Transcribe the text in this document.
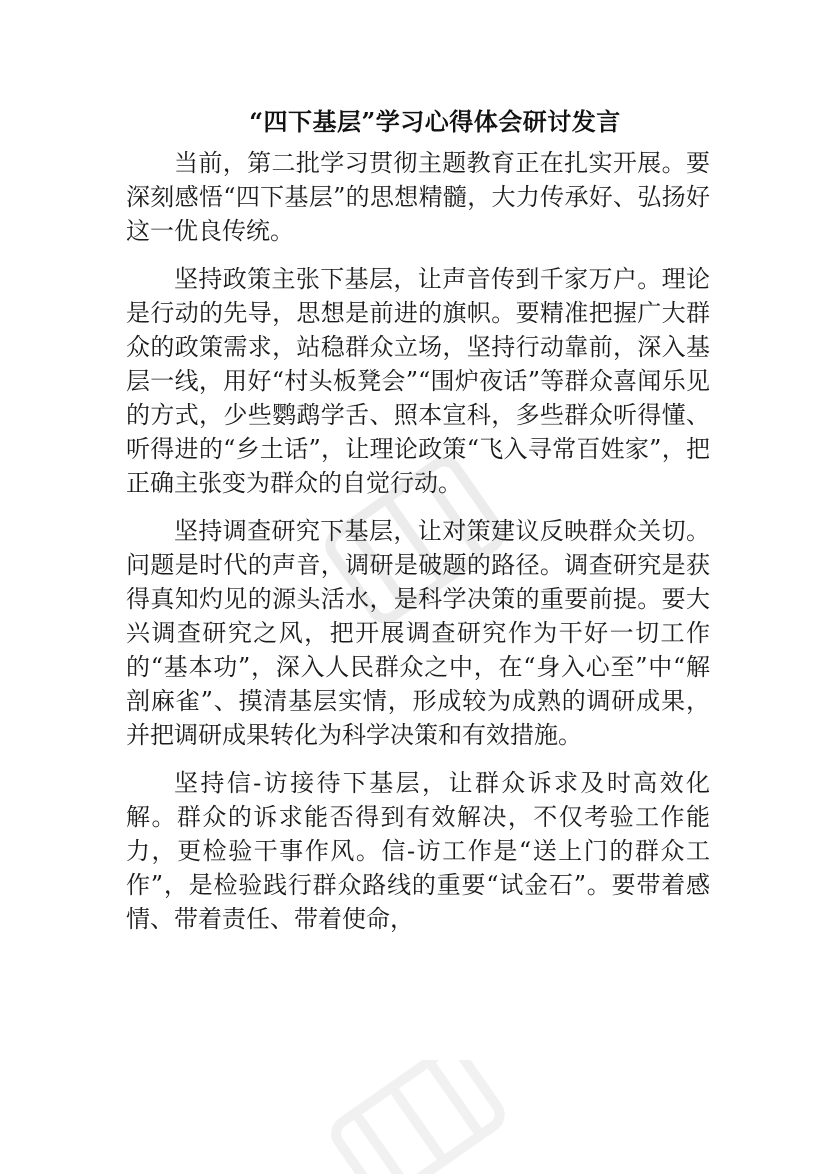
“四下基层”学习心得体会研讨发言

当前，第二批学习贯彻主题教育正在扎实开展。要深刻感悟“四下基层”的思想精髓，大力传承好、弘扬好这一优良传统。

坚持政策主张下基层，让声音传到千家万户。理论是行动的先导，思想是前进的旗帜。要精准把握广大群众的政策需求，站稳群众立场，坚持行动靠前，深入基层一线，用好“村头板凳会”“围炉夜话”等群众喜闻乐见的方式，少些鹦鹉学舌、照本宣科，多些群众听得懂、听得进的“乡土话”，让理论政策“飞入寻常百姓家”，把正确主张变为群众的自觉行动。

坚持调查研究下基层，让对策建议反映群众关切。问题是时代的声音，调研是破题的路径。调查研究是获得真知灼见的源头活水，是科学决策的重要前提。要大兴调查研究之风，把开展调查研究作为干好一切工作的“基本功”，深入人民群众之中，在“身入心至”中“解剖麻雀”、摸清基层实情，形成较为成熟的调研成果，并把调研成果转化为科学决策和有效措施。

坚持信-访接待下基层，让群众诉求及时高效化解。群众的诉求能否得到有效解决，不仅考验工作能力，更检验干事作风。信-访工作是“送上门的群众工作”，是检验践行群众路线的重要“试金石”。要带着感情、带着责任、带着使命，
